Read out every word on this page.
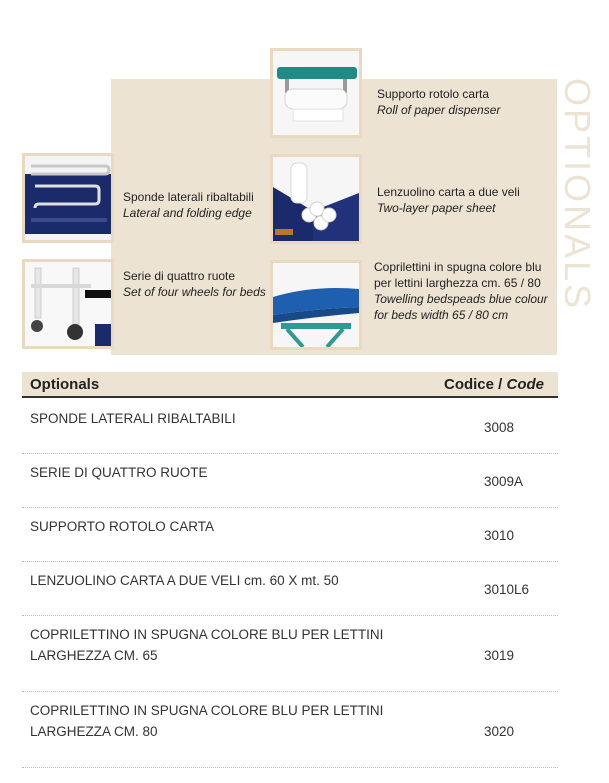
OPTIONALS
Supporto rotolo carta
Roll of paper dispenser
Sponde laterali ribaltabili
Lateral and folding edge
Lenzuolino carta a due veli
Two-layer paper sheet
Serie di quattro ruote
Set of four wheels for beds
Coprilettini in spugna colore blu
per lettini larghezza cm. 65 / 80
Towelling bedspeads blue colour
for beds width 65 / 80 cm
Optionals	Codice / Code
SPONDE LATERALI RIBALTABILI
3008
SERIE DI QUATTRO RUOTE
3009A
SUPPORTO ROTOLO CARTA
3010
LENZUOLINO CARTA A DUE VELI cm. 60 X mt. 50
3010L6
COPRILETTINO IN SPUGNA COLORE BLU PER LETTINI
LARGHEZZA CM. 65	3019
COPRILETTINO IN SPUGNA COLORE BLU PER LETTINI
LARGHEZZA CM. 80	3020
